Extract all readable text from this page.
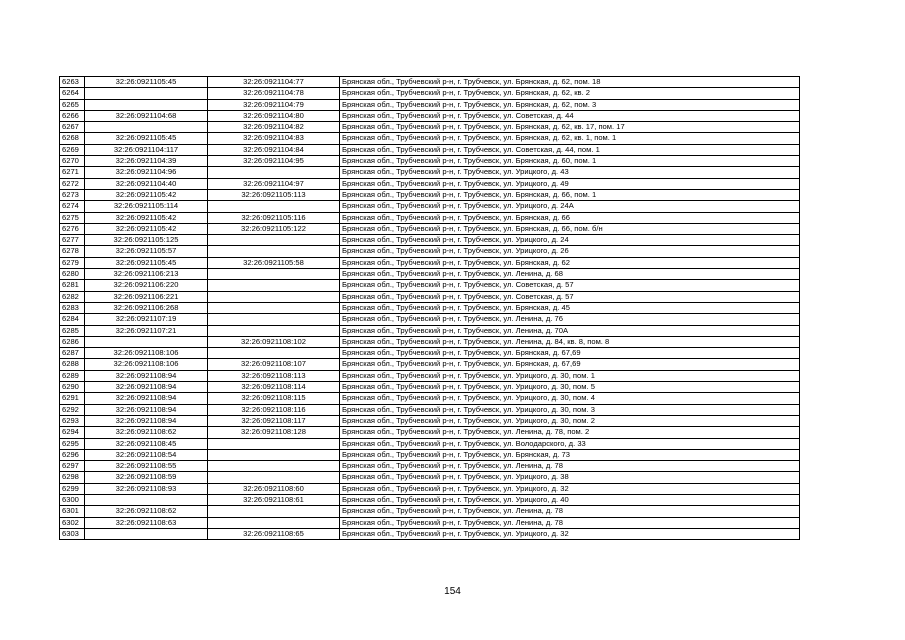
6263	32:26:0921105:45	32:26:0921104:77	Брянская обл., Трубчевский р-н, г. Трубчевск, ул. Брянская, д. 62, пом. 18
6264		32:26:0921104:78	Брянская обл., Трубчевский р-н, г. Трубчевск, ул. Брянская, д. 62, кв. 2
6265		32:26:0921104:79	Брянская обл., Трубчевский р-н, г. Трубчевск, ул. Брянская, д. 62, пом. 3
6266	32:26:0921104:68	32:26:0921104:80	Брянская обл., Трубчевский р-н, г. Трубчевск, ул. Советская, д. 44
6267		32:26:0921104:82	Брянская обл., Трубчевский р-н, г. Трубчевск, ул. Брянская, д. 62, кв. 17, пом. 17
6268	32:26:0921105:45	32:26:0921104:83	Брянская обл., Трубчевский р-н, г. Трубчевск, ул. Брянская, д. 62, кв. 1, пом. 1
6269	32:26:0921104:117	32:26:0921104:84	Брянская обл., Трубчевский р-н, г. Трубчевск, ул. Советская, д. 44, пом. 1
6270	32:26:0921104:39	32:26:0921104:95	Брянская обл., Трубчевский р-н, г. Трубчевск, ул. Брянская, д. 60, пом. 1
6271	32:26:0921104:96		Брянская обл., Трубчевский р-н, г. Трубчевск, ул. Урицкого, д. 43
6272	32:26:0921104:40	32:26:0921104:97	Брянская обл., Трубчевский р-н, г. Трубчевск, ул. Урицкого, д. 49
6273	32:26:0921105:42	32:26:0921105:113	Брянская обл., Трубчевский р-н, г. Трубчевск, ул. Брянская, д. 66, пом. 1
6274	32:26:0921105:114		Брянская обл., Трубчевский р-н, г. Трубчевск, ул. Урицкого, д. 24А
6275	32:26:0921105:42	32:26:0921105:116	Брянская обл., Трубчевский р-н, г. Трубчевск, ул. Брянская, д. 66
6276	32:26:0921105:42	32:26:0921105:122	Брянская обл., Трубчевский р-н, г. Трубчевск, ул. Брянская, д. 66, пом. б/н
6277	32:26:0921105:125		Брянская обл., Трубчевский р-н, г. Трубчевск, ул. Урицкого, д. 24
6278	32:26:0921105:57		Брянская обл., Трубчевский р-н, г. Трубчевск, ул. Урицкого, д. 26
6279	32:26:0921105:45	32:26:0921105:58	Брянская обл., Трубчевский р-н, г. Трубчевск, ул. Брянская, д. 62
6280	32:26:0921106:213		Брянская обл., Трубчевский р-н, г. Трубчевск, ул. Ленина, д. 68
6281	32:26:0921106:220		Брянская обл., Трубчевский р-н, г. Трубчевск, ул. Советская, д. 57
6282	32:26:0921106:221		Брянская обл., Трубчевский р-н, г. Трубчевск, ул. Советская, д. 57
6283	32:26:0921106:268		Брянская обл., Трубчевский р-н, г. Трубчевск, ул. Брянская, д. 45
6284	32:26:0921107:19		Брянская обл., Трубчевский р-н, г. Трубчевск, ул. Ленина, д. 76
6285	32:26:0921107:21		Брянская обл., Трубчевский р-н, г. Трубчевск, ул. Ленина, д. 70А
6286		32:26:0921108:102	Брянская обл., Трубчевский р-н, г. Трубчевск, ул. Ленина, д. 84, кв. 8, пом. 8
6287	32:26:0921108:106		Брянская обл., Трубчевский р-н, г. Трубчевск, ул. Брянская, д. 67,69
6288	32:26:0921108:106	32:26:0921108:107	Брянская обл., Трубчевский р-н, г. Трубчевск, ул. Брянская, д. 67,69
6289	32:26:0921108:94	32:26:0921108:113	Брянская обл., Трубчевский р-н, г. Трубчевск, ул. Урицкого, д. 30, пом. 1
6290	32:26:0921108:94	32:26:0921108:114	Брянская обл., Трубчевский р-н, г. Трубчевск, ул. Урицкого, д. 30, пом. 5
6291	32:26:0921108:94	32:26:0921108:115	Брянская обл., Трубчевский р-н, г. Трубчевск, ул. Урицкого, д. 30, пом. 4
6292	32:26:0921108:94	32:26:0921108:116	Брянская обл., Трубчевский р-н, г. Трубчевск, ул. Урицкого, д. 30, пом. 3
6293	32:26:0921108:94	32:26:0921108:117	Брянская обл., Трубчевский р-н, г. Трубчевск, ул. Урицкого, д. 30, пом. 2
6294	32:26:0921108:62	32:26:0921108:128	Брянская обл., Трубчевский р-н, г. Трубчевск, ул. Ленина, д. 78, пом. 2
6295	32:26:0921108:45		Брянская обл., Трубчевский р-н, г. Трубчевск, ул. Володарского, д. 33
6296	32:26:0921108:54		Брянская обл., Трубчевский р-н, г. Трубчевск, ул. Брянская, д. 73
6297	32:26:0921108:55		Брянская обл., Трубчевский р-н, г. Трубчевск, ул. Ленина, д. 78
6298	32:26:0921108:59		Брянская обл., Трубчевский р-н, г. Трубчевск, ул. Урицкого, д. 38
6299	32:26:0921108:93	32:26:0921108:60	Брянская обл., Трубчевский р-н, г. Трубчевск, ул. Урицкого, д. 32
6300		32:26:0921108:61	Брянская обл., Трубчевский р-н, г. Трубчевск, ул. Урицкого, д. 40
6301	32:26:0921108:62		Брянская обл., Трубчевский р-н, г. Трубчевск, ул. Ленина, д. 78
6302	32:26:0921108:63		Брянская обл., Трубчевский р-н, г. Трубчевск, ул. Ленина, д. 78
6303		32:26:0921108:65	Брянская обл., Трубчевский р-н, г. Трубчевск, ул. Урицкого, д. 32
154
